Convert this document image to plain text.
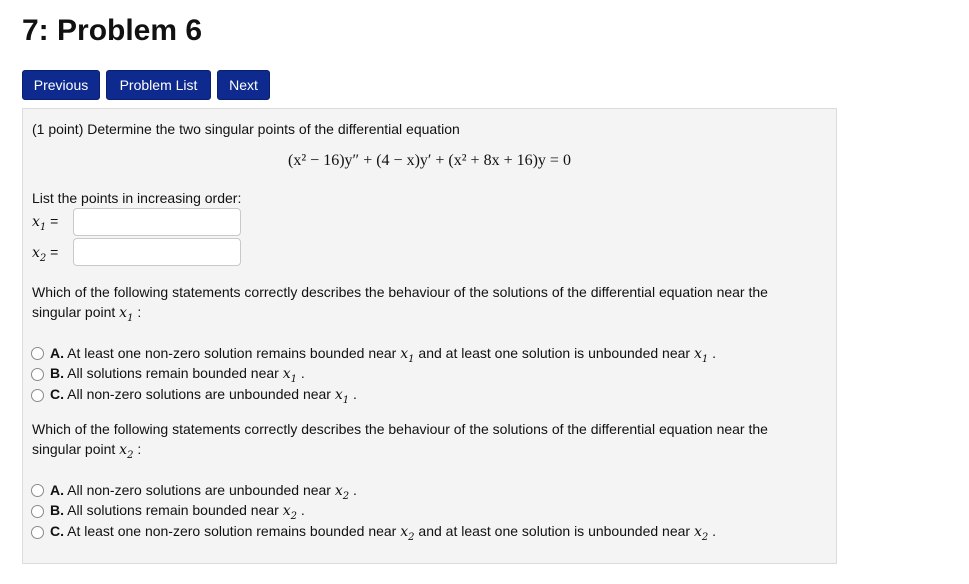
7: Problem 6
Previous	Problem List	Next
(1 point) Determine the two singular points of the differential equation
(x² − 16)y″ + (4 − x)y′ + (x² + 8x + 16)y = 0
List the points in increasing order:
$x_1$ =
$x_2$ =
Which of the following statements correctly describes the behaviour of the solutions of the differential equation near the
singular point $x_1$ :
A. At least one non-zero solution remains bounded near $x_1$ and at least one solution is unbounded near $x_1$ .
B. All solutions remain bounded near $x_1$ .
C. All non-zero solutions are unbounded near $x_1$ .
Which of the following statements correctly describes the behaviour of the solutions of the differential equation near the
singular point $x_2$ :
A. All non-zero solutions are unbounded near $x_2$ .
B. All solutions remain bounded near $x_2$ .
C. At least one non-zero solution remains bounded near $x_2$ and at least one solution is unbounded near $x_2$ .
